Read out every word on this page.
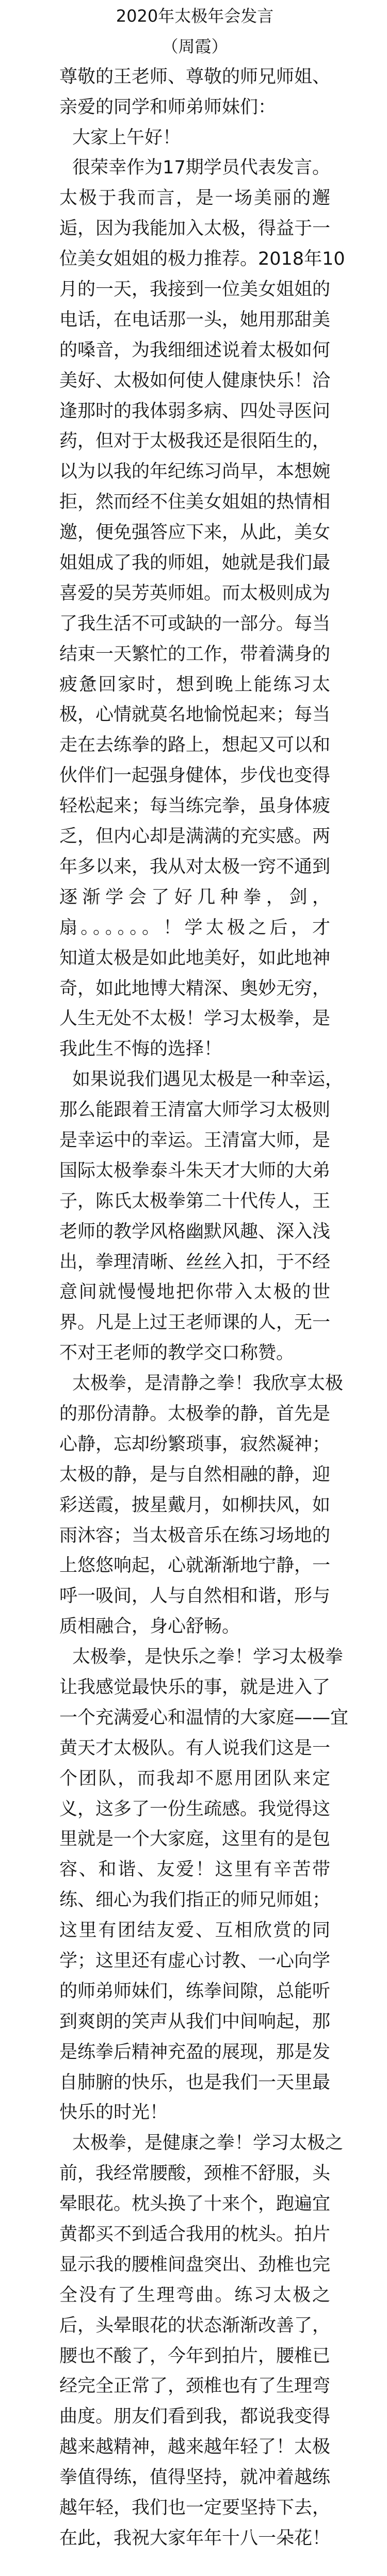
2020年太极年会发言
（周霞）
尊敬的王老师、尊敬的师兄师姐、
亲爱的同学和师弟师妹们：
大家上午好！
很荣幸作为17期学员代表发言。
太极于我而言，是一场美丽的邂
逅，因为我能加入太极，得益于一
位美女姐姐的极力推荐。2018年10
月的一天，我接到一位美女姐姐的
电话，在电话那一头，她用那甜美
的嗓音，为我细细述说着太极如何
美好、太极如何使人健康快乐！洽
逢那时的我体弱多病、四处寻医问
药，但对于太极我还是很陌生的，
以为以我的年纪练习尚早，本想婉
拒，然而经不住美女姐姐的热情相
邀，便免强答应下来，从此，美女
姐姐成了我的师姐，她就是我们最
喜爱的吴芳英师姐。而太极则成为
了我生活不可或缺的一部分。每当
结束一天繁忙的工作，带着满身的
疲惫回家时，想到晚上能练习太
极，心情就莫名地愉悦起来；每当
走在去练拳的路上，想起又可以和
伙伴们一起强身健体，步伐也变得
轻松起来；每当练完拳，虽身体疲
乏，但内心却是满满的充实感。两
年多以来，我从对太极一窍不通到
逐渐学会了好几种拳，剑，
扇。。。。。。！学太极之后，才
知道太极是如此地美好，如此地神
奇，如此地博大精深、奥妙无穷，
人生无处不太极！学习太极拳，是
我此生不悔的选择！
如果说我们遇见太极是一种幸运，
那么能跟着王清富大师学习太极则
是幸运中的幸运。王清富大师，是
国际太极拳泰斗朱天才大师的大弟
子，陈氏太极拳第二十代传人，王
老师的教学风格幽默风趣、深入浅
出，拳理清晰、丝丝入扣，于不经
意间就慢慢地把你带入太极的世
界。凡是上过王老师课的人，无一
不对王老师的教学交口称赞。
太极拳，是清静之拳！我欣享太极
的那份清静。太极拳的静，首先是
心静，忘却纷繁琐事，寂然凝神；
太极的静，是与自然相融的静，迎
彩送霞，披星戴月，如柳扶风，如
雨沐容；当太极音乐在练习场地的
上悠悠响起，心就渐渐地宁静，一
呼一吸间，人与自然相和谐，形与
质相融合，身心舒畅。
太极拳，是快乐之拳！学习太极拳
让我感觉最快乐的事，就是进入了
一个充满爱心和温情的大家庭——宜
黄天才太极队。有人说我们这是一
个团队，而我却不愿用团队来定
义，这多了一份生疏感。我觉得这
里就是一个大家庭，这里有的是包
容、和谐、友爱！这里有辛苦带
练、细心为我们指正的师兄师姐；
这里有团结友爱、互相欣赏的同
学；这里还有虚心讨教、一心向学
的师弟师妹们，练拳间隙，总能听
到爽朗的笑声从我们中间响起，那
是练拳后精神充盈的展现，那是发
自肺腑的快乐，也是我们一天里最
快乐的时光！
太极拳，是健康之拳！学习太极之
前，我经常腰酸，颈椎不舒服，头
晕眼花。枕头换了十来个，跑遍宜
黄都买不到适合我用的枕头。拍片
显示我的腰椎间盘突出、劲椎也完
全没有了生理弯曲。练习太极之
后，头晕眼花的状态渐渐改善了，
腰也不酸了，今年到拍片，腰椎已
经完全正常了，颈椎也有了生理弯
曲度。朋友们看到我，都说我变得
越来越精神，越来越年轻了！太极
拳值得练，值得坚持，就冲着越练
越年轻，我们也一定要坚持下去，
在此，我祝大家年年十八一朵花！
